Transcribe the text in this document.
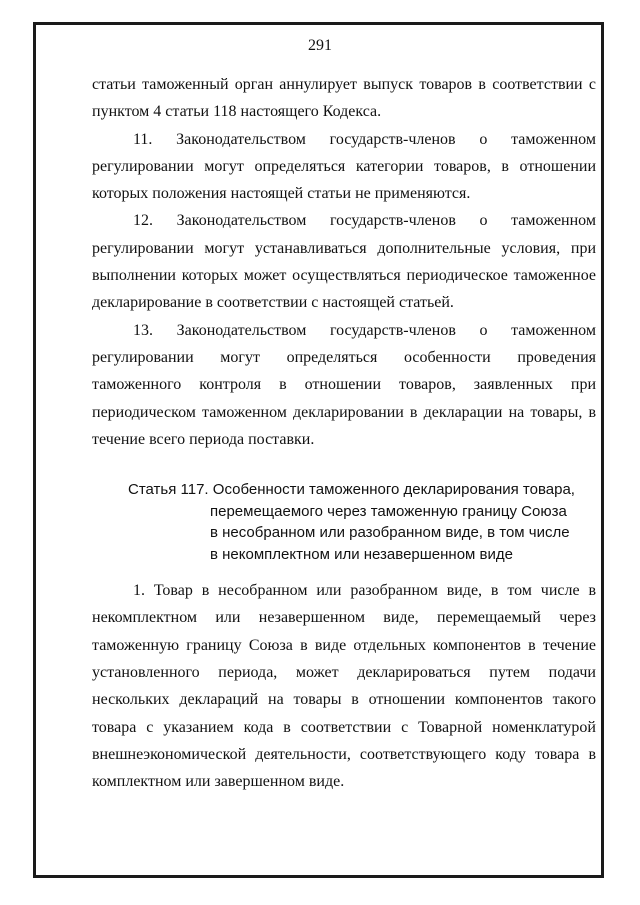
291

статьи таможенный орган аннулирует выпуск товаров в соответствии с пунктом 4 статьи 118 настоящего Кодекса.

11. Законодательством государств-членов о таможенном регулировании могут определяться категории товаров, в отношении которых положения настоящей статьи не применяются.

12. Законодательством государств-членов о таможенном регулировании могут устанавливаться дополнительные условия, при выполнении которых может осуществляться периодическое таможенное декларирование в соответствии с настоящей статьей.

13. Законодательством государств-членов о таможенном регулировании могут определяться особенности проведения таможенного контроля в отношении товаров, заявленных при периодическом таможенном декларировании в декларации на товары, в течение всего периода поставки.

Статья 117. Особенности таможенного декларирования товара,
перемещаемого через таможенную границу Союза
в несобранном или разобранном виде, в том числе
в некомплектном или незавершенном виде

1. Товар в несобранном или разобранном виде, в том числе в некомплектном или незавершенном виде, перемещаемый через таможенную границу Союза в виде отдельных компонентов в течение установленного периода, может декларироваться путем подачи нескольких деклараций на товары в отношении компонентов такого товара с указанием кода в соответствии с Товарной номенклатурой внешнеэкономической деятельности, соответствующего коду товара в комплектном или завершенном виде.
